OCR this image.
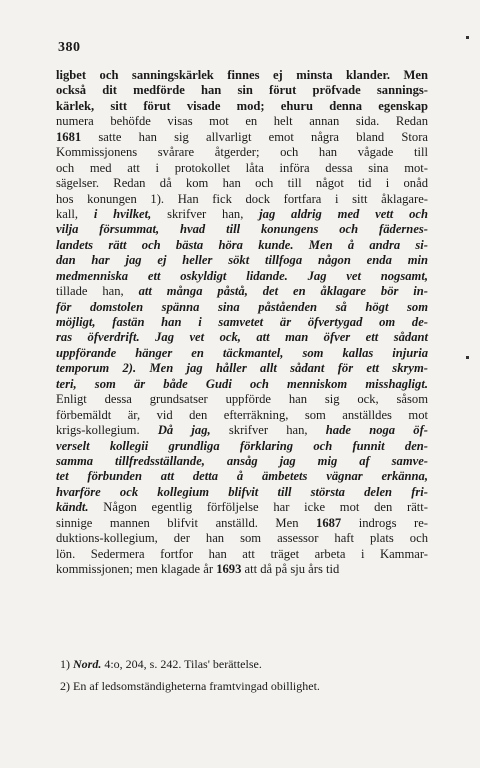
380
ligbet och sanningskärlek finnes ej minsta klander. Men
också dit medförde han sin förut pröfvade sannings-
kärlek, sitt förut visade mod; ehuru denna egenskap
numera behöfde visas mot en helt annan sida. Redan
1681 satte han sig allvarligt emot några bland Stora
Kommissjonens svårare åtgerder; och han vågade till
och med att i protokollet låta införa dessa sina mot-
sägelser. Redan då kom han och till något tid i onåd
hos konungen 1). Han fick dock fortfara i sitt åklagare-
kall, i hvilket, skrifver han, jag aldrig med vett och
vilja försummat, hvad till konungens och fädernes-
landets rätt och bästa höra kunde. Men å andra si-
dan har jag ej heller sökt tillfoga någon enda min
medmenniska ett oskyldigt lidande. Jag vet nogsamt,
tillade han, att många påstå, det en åklagare bör in-
för domstolen spänna sina påståenden så högt som
möjligt, fastän han i samvetet är öfvertygad om de-
ras öfverdrift. Jag vet ock, att man öfver ett sådant
uppförande hänger en täckmantel, som kallas injuria
temporum 2). Men jag håller allt sådant för ett skrym-
teri, som är både Gudi och menniskom misshagligt.
Enligt dessa grundsatser uppförde han sig ock, såsom
förbemäldt är, vid den efterräkning, som anställdes mot
krigs-kollegium. Då jag, skrifver han, hade noga öf-
verselt kollegii grundliga förklaring och funnit den-
samma tillfredsställande, ansåg jag mig af samve-
tet förbunden att detta å ämbetets vägnar erkänna,
hvarföre ock kollegium blifvit till största delen fri-
kändt. Någon egentlig förföljelse har icke mot den rätt-
sinnige mannen blifvit anställd. Men 1687 indrogs re-
duktions-kollegium, der han som assessor haft plats och
lön. Sedermera fortfor han att träget arbeta i Kammar-
kommissjonen; men klagade år 1693 att då på sju års tid
1) Nord. 4:o, 204, s. 242. Tilas' berättelse.
2) En af ledsomständigheterna framtvingad obillighet.
